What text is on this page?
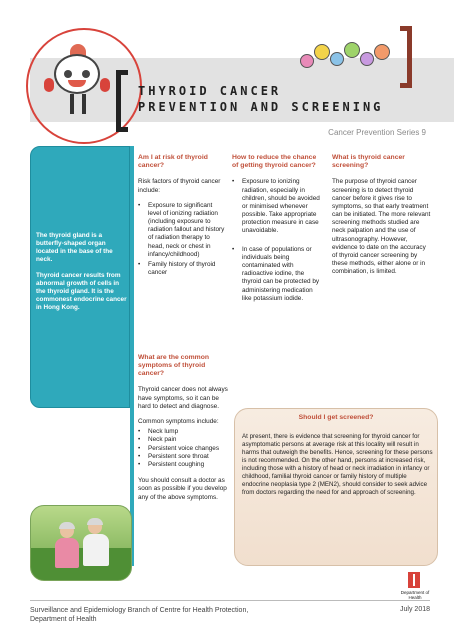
THYROID CANCER
PREVENTION AND SCREENING
Cancer Prevention Series 9

The thyroid gland is a butterfly-shaped organ located in the base of the neck.

Thyroid cancer results from abnormal growth of cells in the thyroid gland. It is the commonest endocrine cancer in Hong Kong.

Am I at risk of thyroid cancer?

Risk factors of thyroid cancer include:

• Exposure to significant level of ionizing radiation (including exposure to radiation fallout and history of radiation therapy to head, neck or chest in infancy/childhood)
• Family history of thyroid cancer
How to reduce the chance of getting thyroid cancer?
• Exposure to ionizing radiation, especially in children, should be avoided or minimised whenever possible. Take appropriate protection measure in case unavoidable.
• In case of populations or individuals being contaminated with radioactive iodine, the thyroid can be protected by administering medication like potassium iodide.
What is thyroid cancer screening?

The purpose of thyroid cancer screening is to detect thyroid cancer before it gives rise to symptoms, so that early treatment can be initiated. The more relevant screening methods studied are neck palpation and the use of ultrasonography. However, evidence to date on the accuracy of thyroid cancer screening by these methods, either alone or in combination, is limited.

What are the common symptoms of thyroid cancer?

Thyroid cancer does not always have symptoms, so it can be hard to detect and diagnose.

Common symptoms include:

• Neck lump
• Neck pain
• Persistent voice changes
• Persistent sore throat
• Persistent coughing

You should consult a doctor as soon as possible if you develop any of the above symptoms.

Should I get screened?
At present, there is evidence that screening for thyroid cancer for asymptomatic persons at average risk at this locality will result in harms that outweigh the benefits. Hence, screening for these persons is not recommended. On the other hand, persons at increased risk, including those with a history of head or neck irradiation in infancy or childhood, familial thyroid cancer or family history of multiple endocrine neoplasia type 2 (MEN2), should consider to seek advice from doctors regarding the need for and approach of screening.
Department of Health
Surveillance and Epidemiology Branch of Centre for Health Protection,
Department of Health
July 2018
